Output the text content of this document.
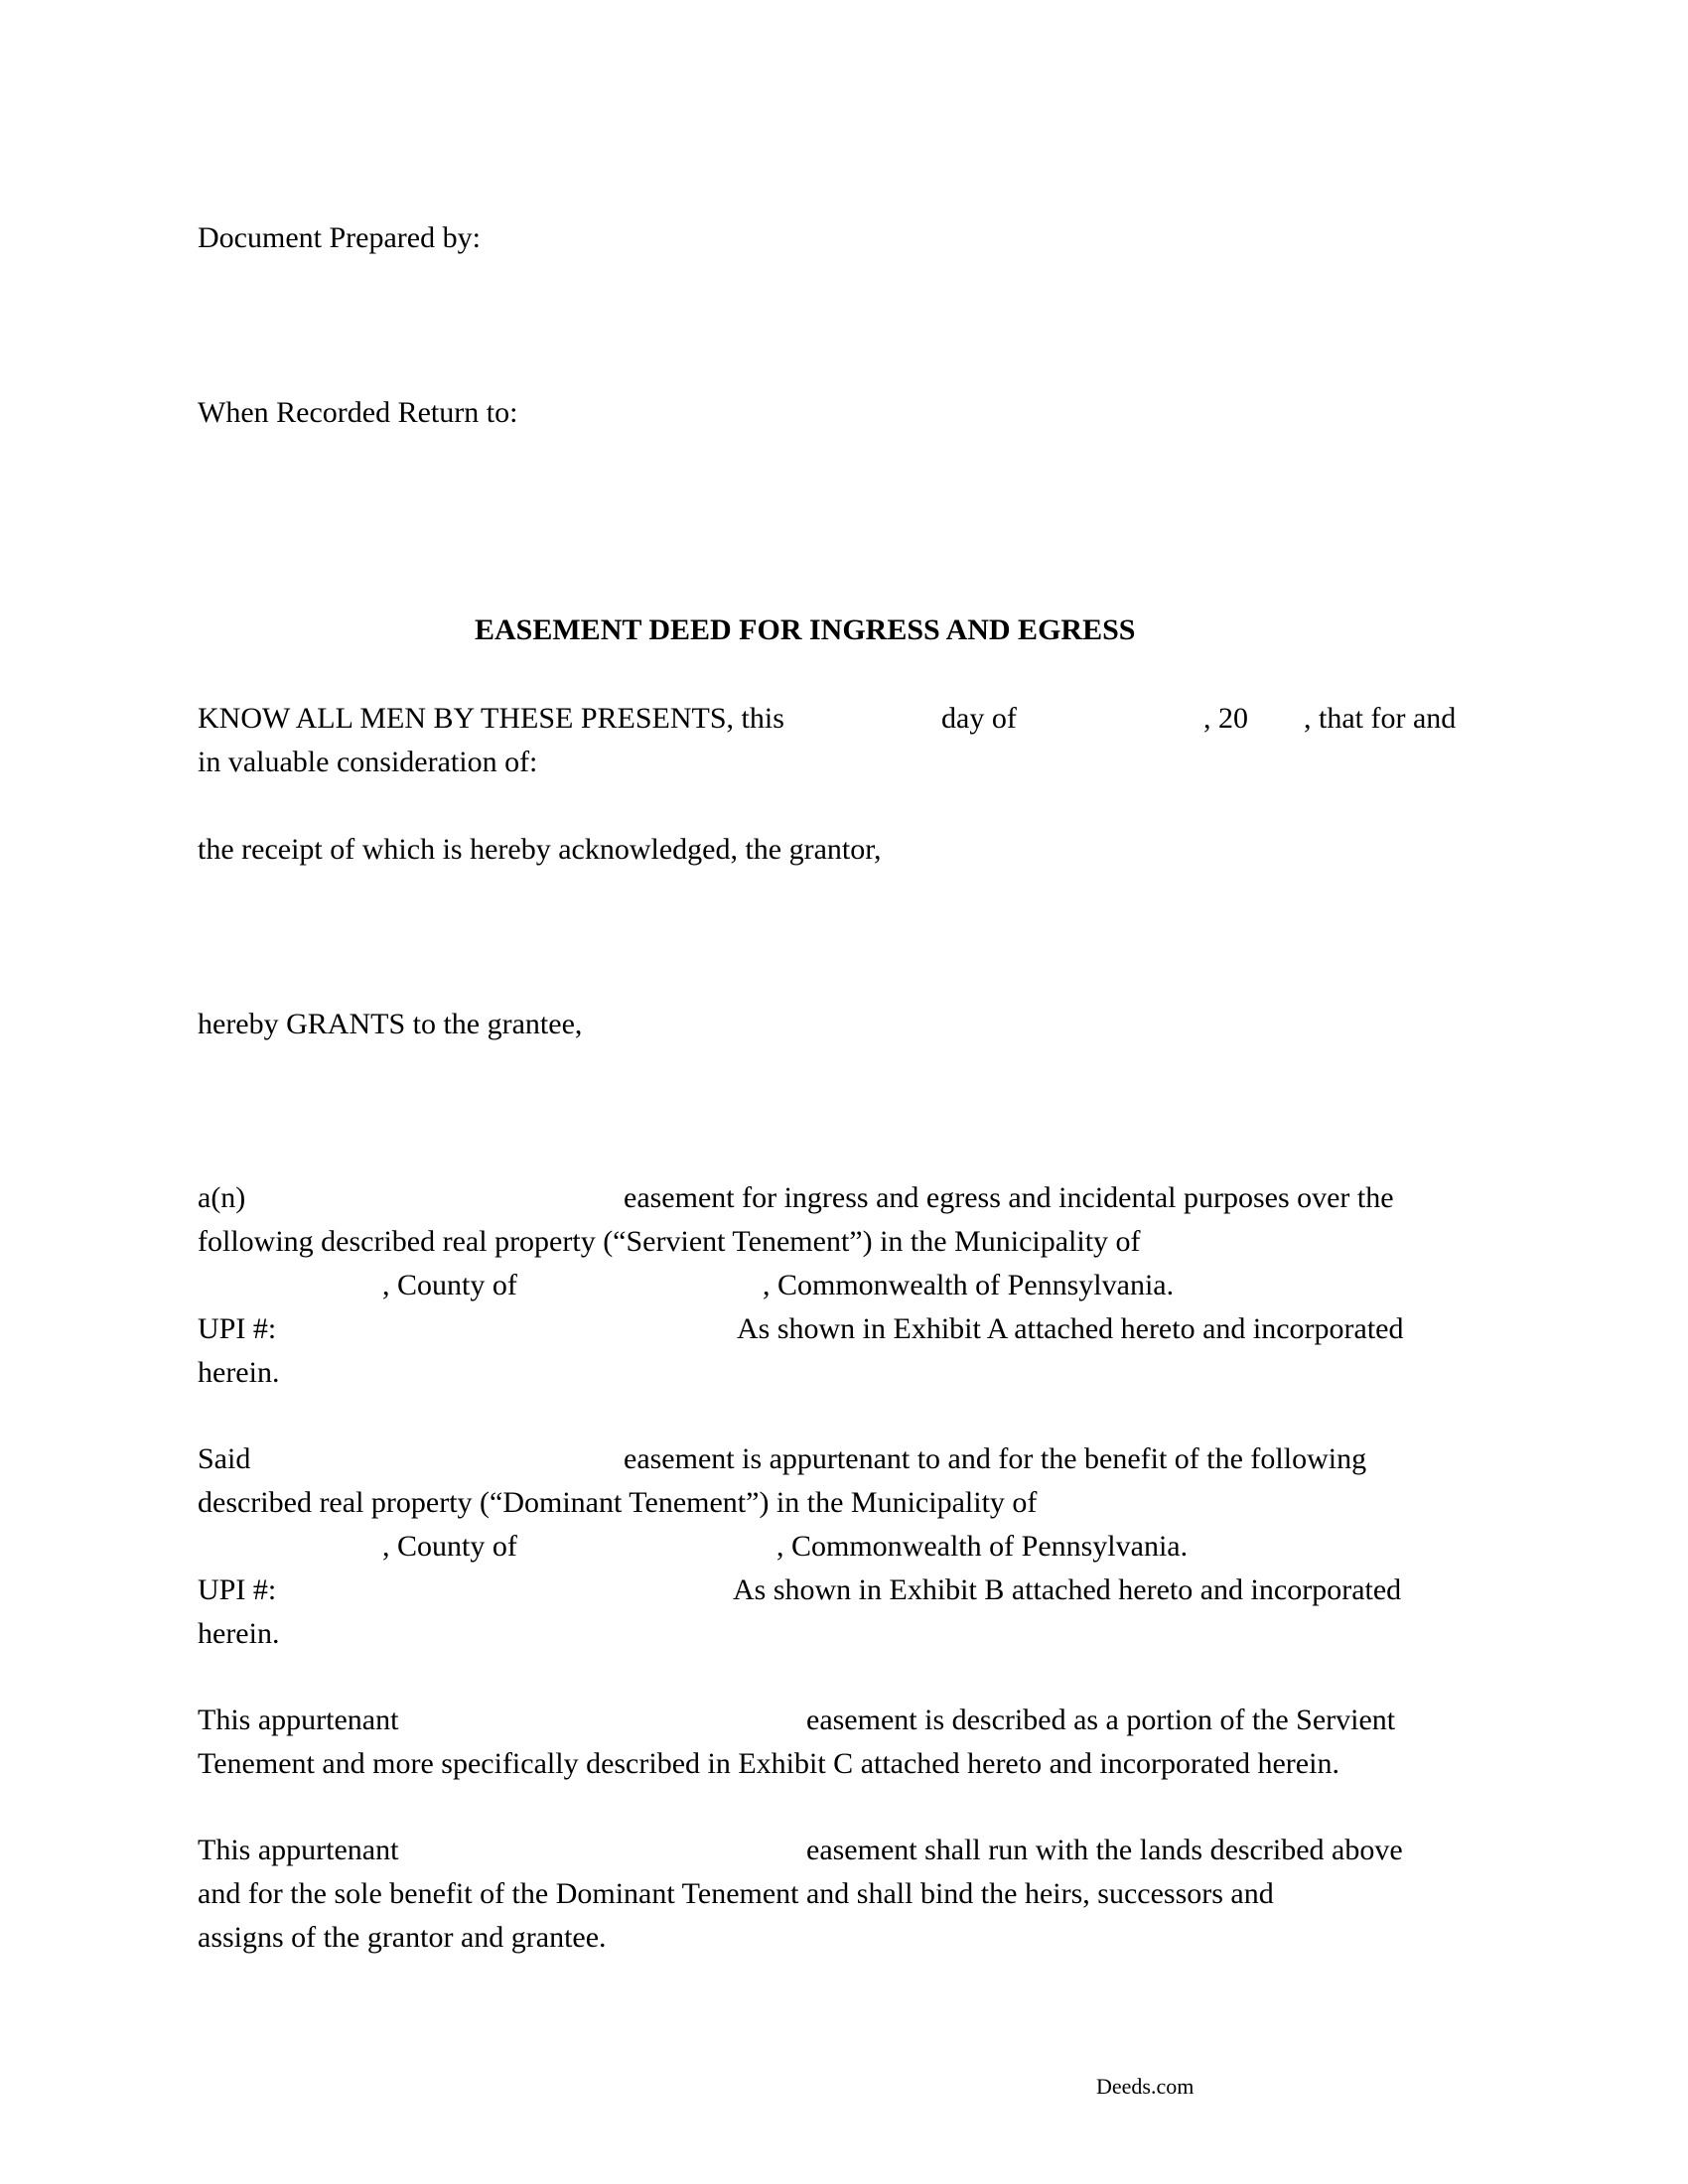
Document Prepared by:

When Recorded Return to:

EASEMENT DEED FOR INGRESS AND EGRESS

KNOW ALL MEN BY THESE PRESENTS, this	day of	, 20 , that for and

in valuable consideration of:

the receipt of which is hereby acknowledged, the grantor,

hereby GRANTS to the grantee,

a(n)	easement for ingress and egress and incidental purposes over the

following described real property (“Servient Tenement”) in the Municipality of

, County of	, Commonwealth of Pennsylvania.

UPI #:	As shown in Exhibit A attached hereto and incorporated

herein.

Said	easement is appurtenant to and for the benefit of the following

described real property (“Dominant Tenement”) in the Municipality of

, County of	, Commonwealth of Pennsylvania.

UPI #:	As shown in Exhibit B attached hereto and incorporated

herein.

This appurtenant	easement is described as a portion of the Servient

Tenement and more specifically described in Exhibit C attached hereto and incorporated herein.

This appurtenant	easement shall run with the lands described above

and for the sole benefit of the Dominant Tenement and shall bind the heirs, successors and

assigns of the grantor and grantee.

Deeds.com
